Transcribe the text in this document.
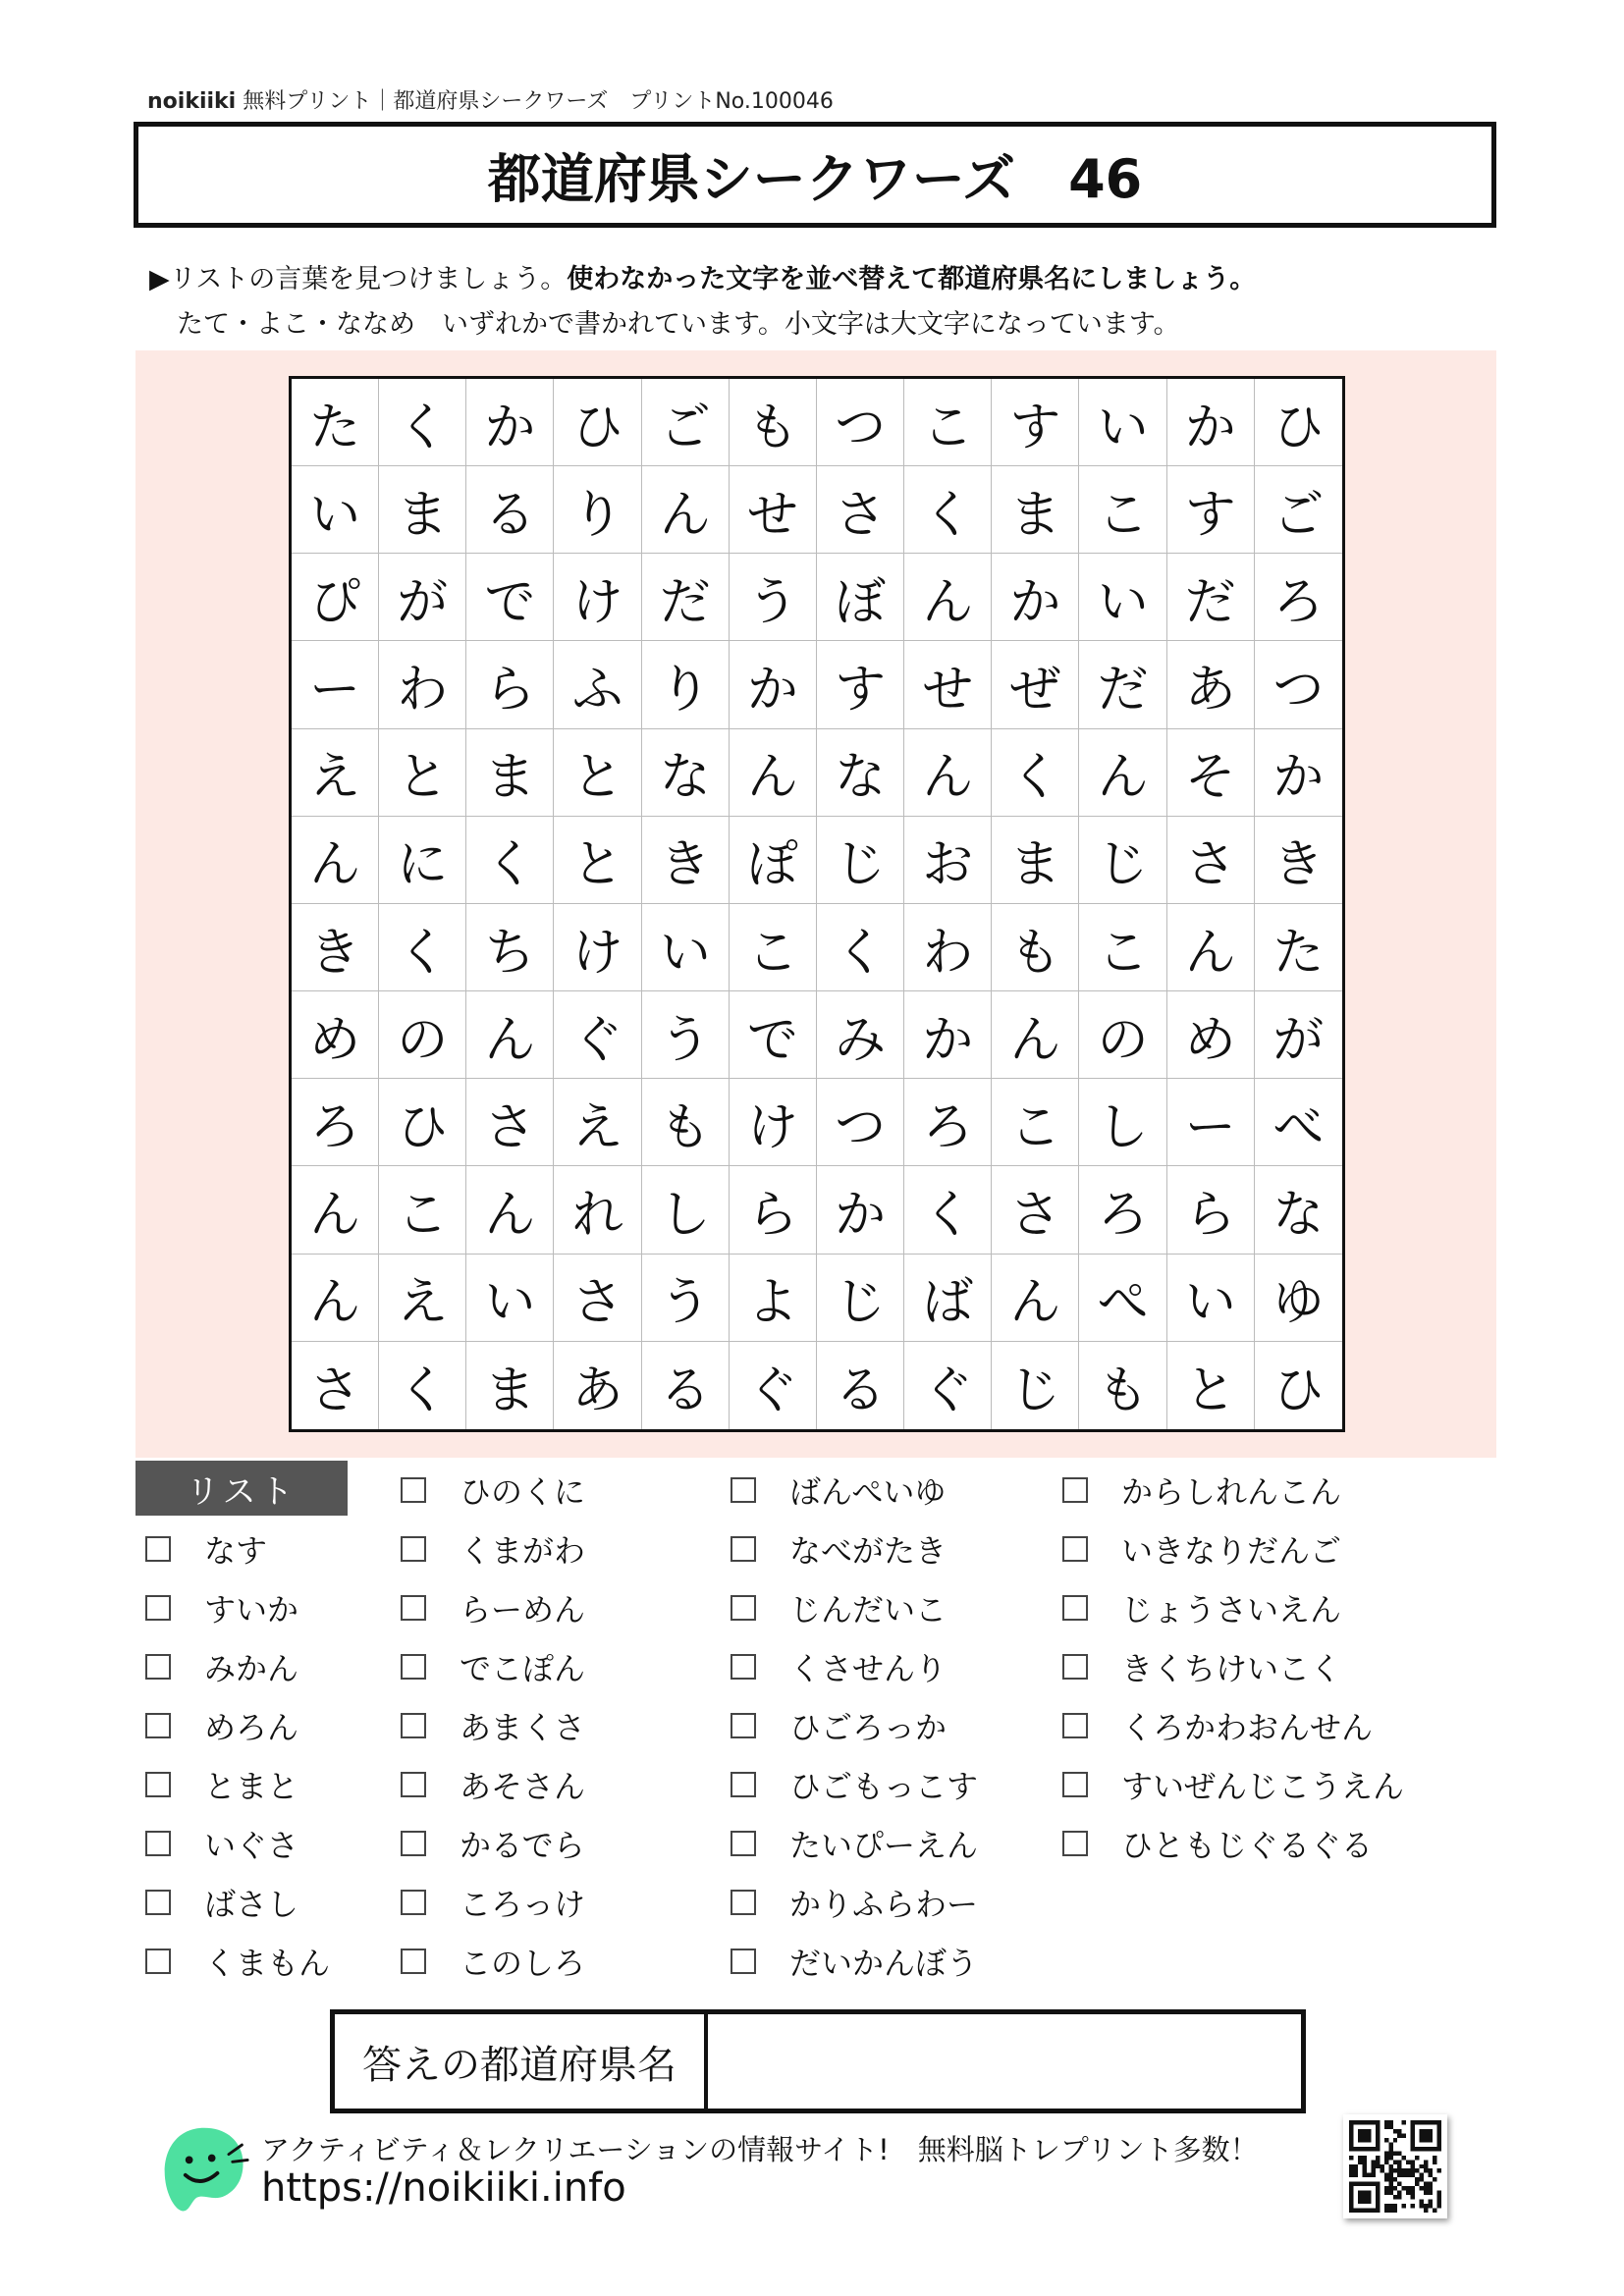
noikiiki 無料プリント｜都道府県シークワーズ　プリントNo.100046
都道府県シークワーズ　46
▶リストの言葉を見つけましょう。使わなかった文字を並べ替えて都道府県名にしましょう。
たて・よこ・ななめ　いずれかで書かれています。小文字は大文字になっています。
た く か ひ ご も つ こ す い か ひ
い ま る り ん せ さ く ま こ す ご
ぴ が で け だ う ぼ ん か い だ ろ
ー わ ら ふ り か す せ ぜ だ あ つ
え と ま と な ん な ん く ん そ か
ん に く と き ぽ じ お ま じ さ き
き く ち け い こ く わ も こ ん た
め の ん ぐ う で み か ん の め が
ろ ひ さ え も け つ ろ こ し ー べ
ん こ ん れ し ら か く さ ろ ら な
ん え い さ う よ じ ば ん ぺ い ゆ
さ く ま あ る ぐ る ぐ じ も と ひ
リスト
なす
すいか
みかん
めろん
とまと
いぐさ
ばさし
くまもん
ひのくに
くまがわ
らーめん
でこぽん
あまくさ
あそさん
かるでら
ころっけ
このしろ
ばんぺいゆ
なべがたき
じんだいこ
くさせんり
ひごろっか
ひごもっこす
たいぴーえん
かりふらわー
だいかんぼう
からしれんこん
いきなりだんご
じょうさいえん
きくちけいこく
くろかわおんせん
すいぜんじこうえん
ひともじぐるぐる
答えの都道府県名
アクティビティ＆レクリエーションの情報サイト!　無料脳トレプリント多数！
https://noikiiki.info
